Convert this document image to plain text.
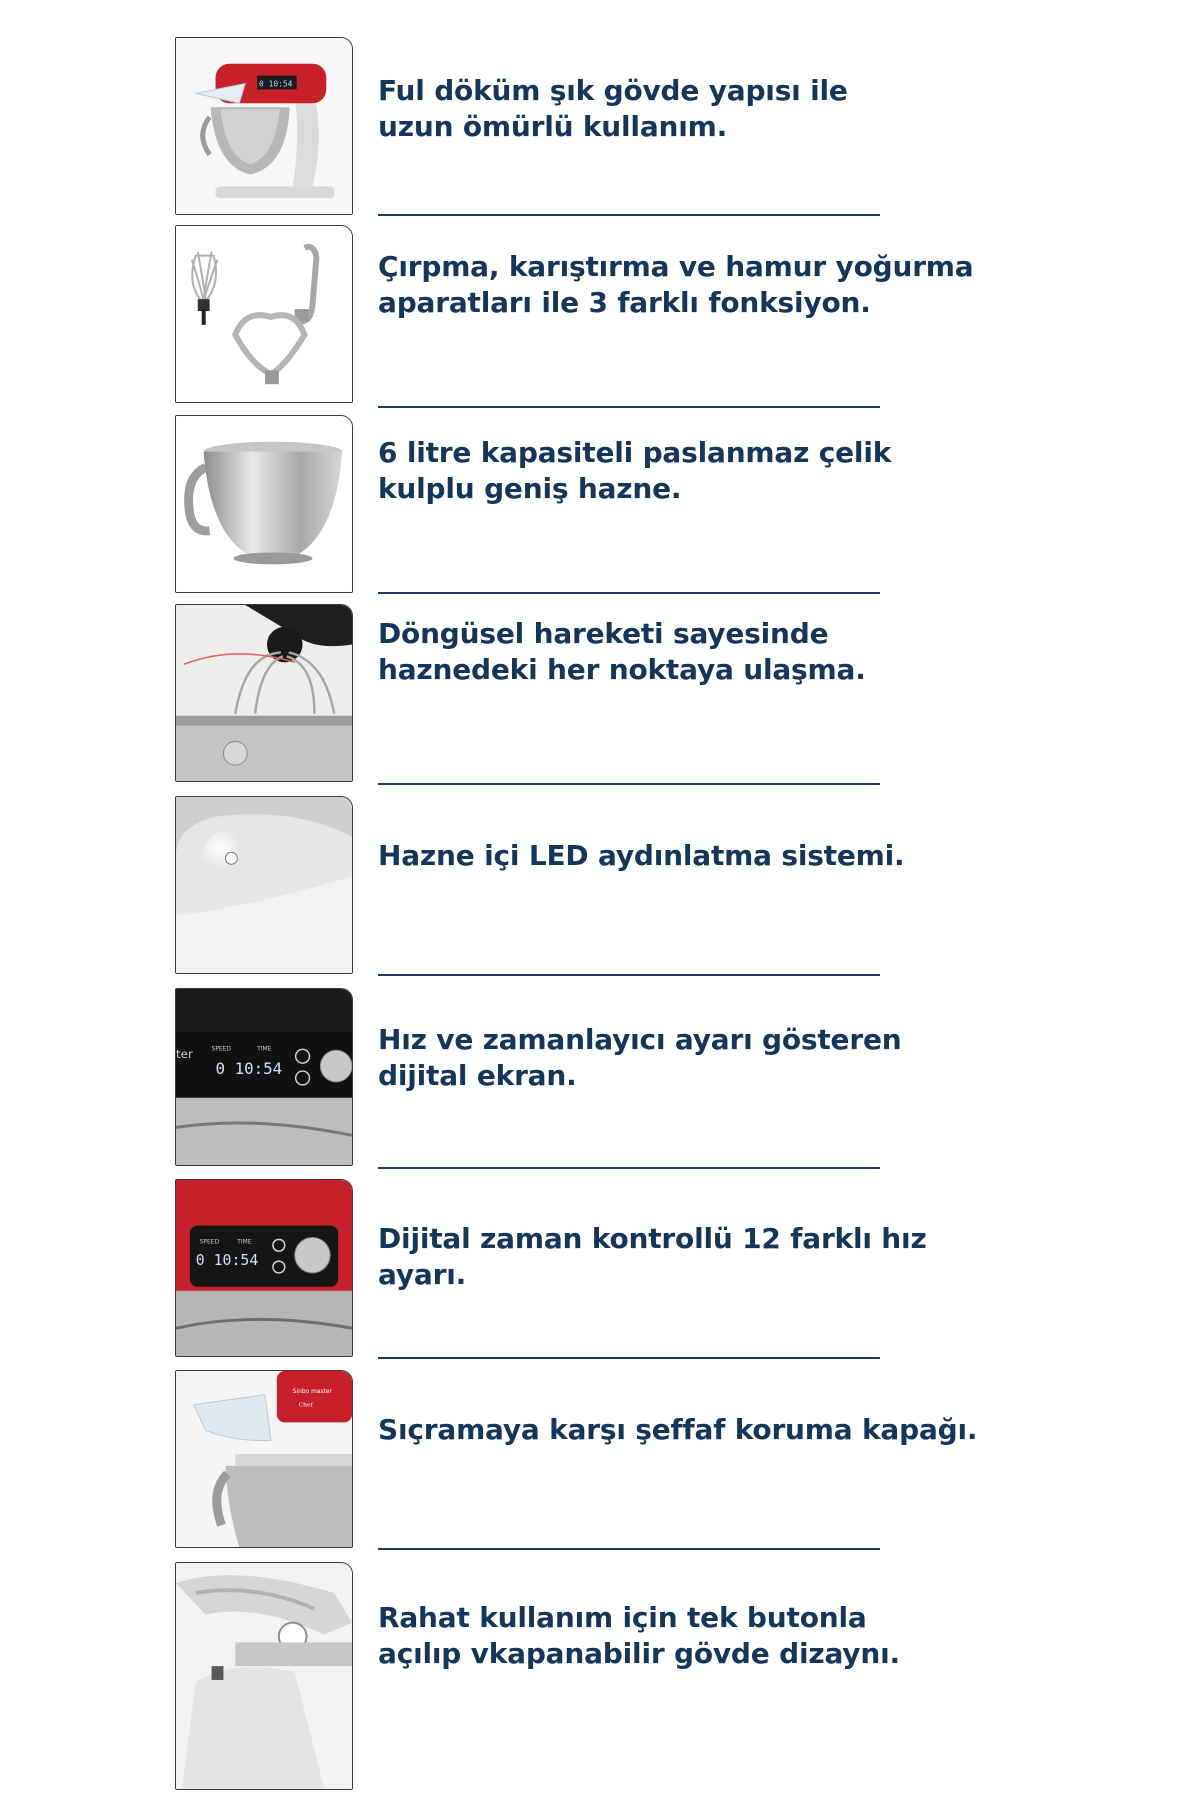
0 10:54	Ful döküm şık gövde yapısı ile
uzun ömürlü kullanım.
Çırpma, karıştırma ve hamur yoğurma
aparatları ile 3 farklı fonksiyon.
6 litre kapasiteli paslanmaz çelik
kulplu geniş hazne.
Döngüsel hareketi sayesinde
haznedeki her noktaya ulaşma.
Hazne içi LED aydınlatma sistemi.
ter	SPEED	TIME
0 10:54
Hız ve zamanlayıcı ayarı gösteren
dijital ekran.
SPEED	TIME
0 10:54
Dijital zaman kontrollü 12 farklı hız ayarı.
Sinbo master
Chef
Sıçramaya karşı şeffaf koruma kapağı.
Rahat kullanım için tek butonla
açılıp vkapanabilir gövde dizaynı.
